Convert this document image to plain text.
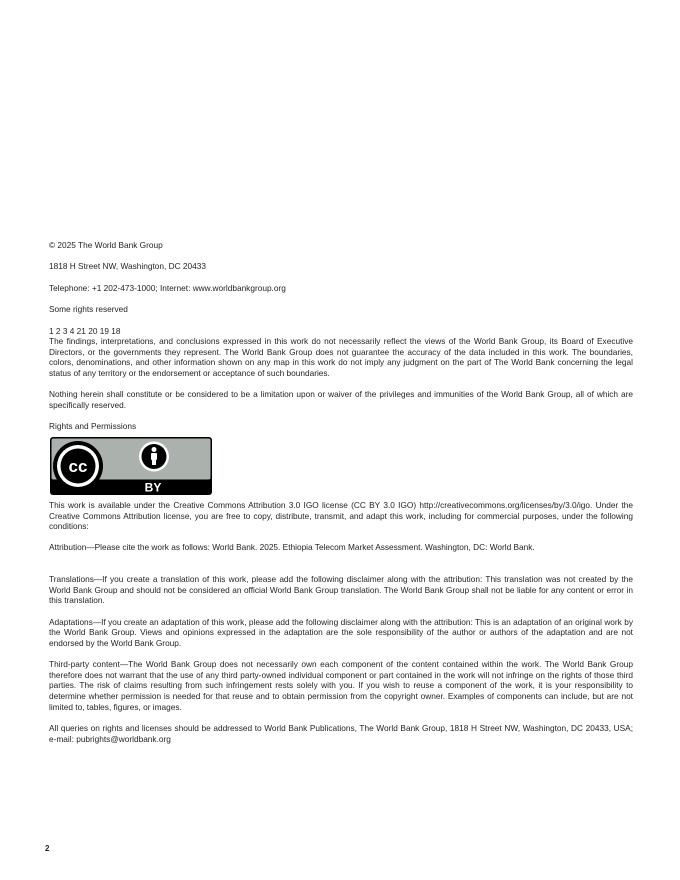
© 2025 The World Bank Group

1818 H Street NW, Washington, DC 20433

Telephone: +1 202-473-1000; Internet: www.worldbankgroup.org

Some rights reserved

1 2 3 4 21 20 19 18

The findings, interpretations, and conclusions expressed in this work do not necessarily reflect the views of the World Bank Group, its Board of Executive Directors, or the governments they represent. The World Bank Group does not guarantee the accuracy of the data included in this work. The boundaries, colors, denominations, and other information shown on any map in this work do not imply any judgment on the part of The World Bank concerning the legal status of any territory or the endorsement or acceptance of such boundaries.

Nothing herein shall constitute or be considered to be a limitation upon or waiver of the privileges and immunities of the World Bank Group, all of which are specifically reserved.

Rights and Permissions

cc
BY

This work is available under the Creative Commons Attribution 3.0 IGO license (CC BY 3.0 IGO) http://creativecommons.org/licenses/by/3.0/igo. Under the Creative Commons Attribution license, you are free to copy, distribute, transmit, and adapt this work, including for commercial purposes, under the following conditions:

Attribution—Please cite the work as follows: World Bank. 2025. Ethiopia Telecom Market Assessment. Washington, DC: World Bank.

Translations—If you create a translation of this work, please add the following disclaimer along with the attribution: This translation was not created by the World Bank Group and should not be considered an official World Bank Group translation. The World Bank Group shall not be liable for any content or error in this translation.

Adaptations—If you create an adaptation of this work, please add the following disclaimer along with the attribution: This is an adaptation of an original work by the World Bank Group. Views and opinions expressed in the adaptation are the sole responsibility of the author or authors of the adaptation and are not endorsed by the World Bank Group.

Third-party content—The World Bank Group does not necessarily own each component of the content contained within the work. The World Bank Group therefore does not warrant that the use of any third party-owned individual component or part contained in the work will not infringe on the rights of those third parties. The risk of claims resulting from such infringement rests solely with you. If you wish to reuse a component of the work, it is your responsibility to determine whether permission is needed for that reuse and to obtain permission from the copyright owner. Examples of components can include, but are not limited to, tables, figures, or images.

All queries on rights and licenses should be addressed to World Bank Publications, The World Bank Group, 1818 H Street NW, Washington, DC 20433, USA; e-mail: pubrights@worldbank.org

2
